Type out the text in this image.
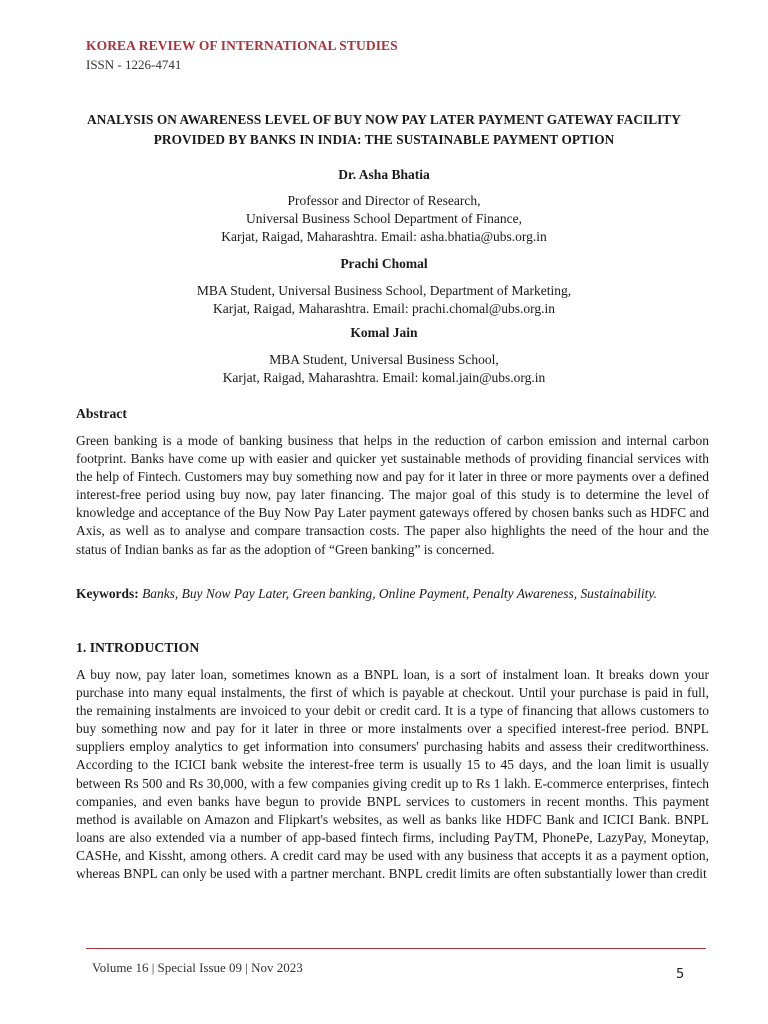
KOREA REVIEW OF INTERNATIONAL STUDIES
ISSN - 1226-4741
ANALYSIS ON AWARENESS LEVEL OF BUY NOW PAY LATER PAYMENT GATEWAY FACILITY
PROVIDED BY BANKS IN INDIA: THE SUSTAINABLE PAYMENT OPTION
Dr. Asha Bhatia
Professor and Director of Research,
Universal Business School Department of Finance,
Karjat, Raigad, Maharashtra. Email: asha.bhatia@ubs.org.in
Prachi Chomal
MBA Student, Universal Business School, Department of Marketing,
Karjat, Raigad, Maharashtra. Email: prachi.chomal@ubs.org.in
Komal Jain
MBA Student, Universal Business School,
Karjat, Raigad, Maharashtra. Email: komal.jain@ubs.org.in
Abstract
Green banking is a mode of banking business that helps in the reduction of carbon emission and internal carbon footprint. Banks have come up with easier and quicker yet sustainable methods of providing financial services with the help of Fintech. Customers may buy something now and pay for it later in three or more payments over a defined interest-free period using buy now, pay later financing. The major goal of this study is to determine the level of knowledge and acceptance of the Buy Now Pay Later payment gateways offered by chosen banks such as HDFC and Axis, as well as to analyse and compare transaction costs. The paper also highlights the need of the hour and the status of Indian banks as far as the adoption of “Green banking” is concerned.
Keywords: Banks, Buy Now Pay Later, Green banking, Online Payment, Penalty Awareness, Sustainability.
1. INTRODUCTION
A buy now, pay later loan, sometimes known as a BNPL loan, is a sort of instalment loan. It breaks down your purchase into many equal instalments, the first of which is payable at checkout. Until your purchase is paid in full, the remaining instalments are invoiced to your debit or credit card. It is a type of financing that allows customers to buy something now and pay for it later in three or more instalments over a specified interest-free period. BNPL suppliers employ analytics to get information into consumers' purchasing habits and assess their creditworthiness. According to the ICICI bank website the interest-free term is usually 15 to 45 days, and the loan limit is usually between Rs 500 and Rs 30,000, with a few companies giving credit up to Rs 1 lakh. E-commerce enterprises, fintech companies, and even banks have begun to provide BNPL services to customers in recent months. This payment method is available on Amazon and Flipkart's websites, as well as banks like HDFC Bank and ICICI Bank. BNPL loans are also extended via a number of app-based fintech firms, including PayTM, PhonePe, LazyPay, Moneytap, CASHe, and Kissht, among others. A credit card may be used with any business that accepts it as a payment option, whereas BNPL can only be used with a partner merchant. BNPL credit limits are often substantially lower than credit
Volume 16 | Special Issue 09 | Nov 2023	5
